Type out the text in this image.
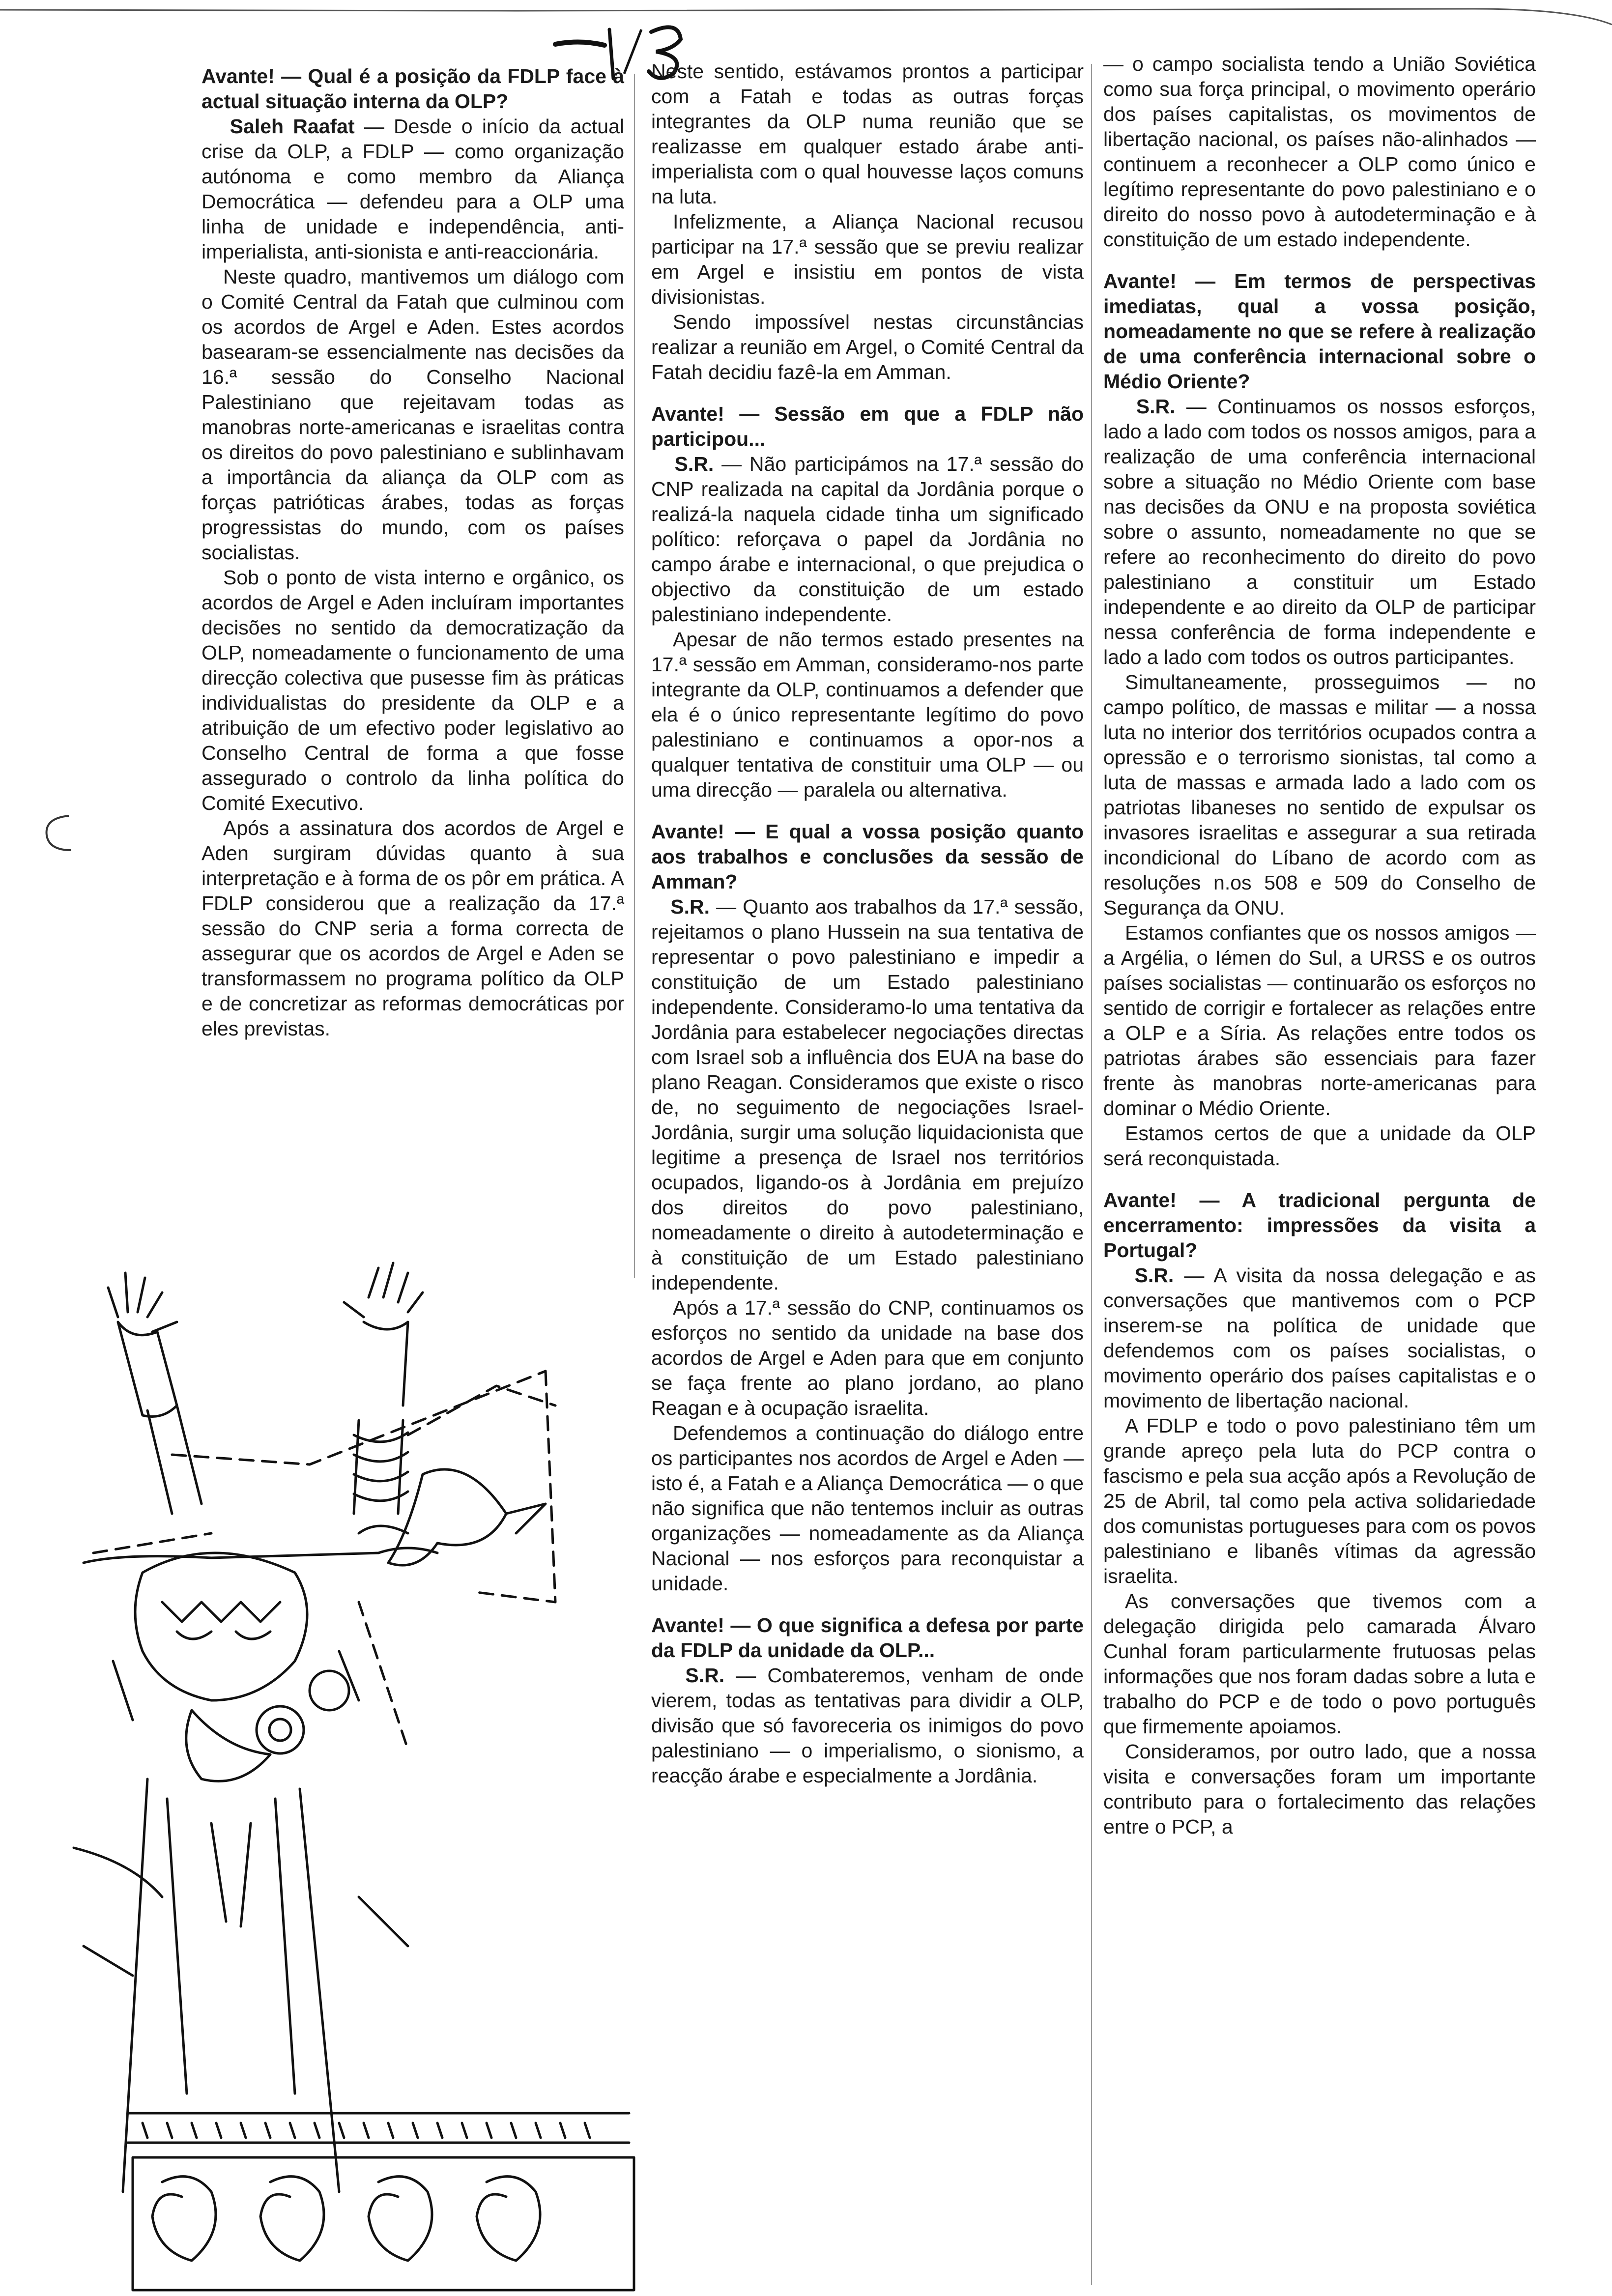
Avante! — Qual é a posição da FDLP face à actual situação interna da OLP?

Saleh Raafat — Desde o início da actual crise da OLP, a FDLP — como organização autónoma e como membro da Aliança Democrática — defendeu para a OLP uma linha de unidade e independência, anti-imperialista, anti-sionista e anti-reaccionária.

Neste quadro, mantivemos um diálogo com o Comité Central da Fatah que culminou com os acordos de Argel e Aden. Estes acordos basearam-se essencialmente nas decisões da 16.ª sessão do Conselho Nacional Palestiniano que rejeitavam todas as manobras norte-americanas e israelitas contra os direitos do povo palestiniano e sublinhavam a importância da aliança da OLP com as forças patrióticas árabes, todas as forças progressistas do mundo, com os países socialistas.

Sob o ponto de vista interno e orgânico, os acordos de Argel e Aden incluíram importantes decisões no sentido da democratização da OLP, nomeadamente o funcionamento de uma direcção colectiva que pusesse fim às práticas individualistas do presidente da OLP e a atribuição de um efectivo poder legislativo ao Conselho Central de forma a que fosse assegurado o controlo da linha política do Comité Executivo.

Após a assinatura dos acordos de Argel e Aden surgiram dúvidas quanto à sua interpretação e à forma de os pôr em prática. A FDLP considerou que a realização da 17.ª sessão do CNP seria a forma correcta de assegurar que os acordos de Argel e Aden se transformassem no programa político da OLP e de concretizar as reformas democráticas por eles previstas.

Neste sentido, estávamos prontos a participar com a Fatah e todas as outras forças integrantes da OLP numa reunião que se realizasse em qualquer estado árabe anti-imperialista com o qual houvesse laços comuns na luta.

Infelizmente, a Aliança Nacional recusou participar na 17.ª sessão que se previu realizar em Argel e insistiu em pontos de vista divisionistas.

Sendo impossível nestas circunstâncias realizar a reunião em Argel, o Comité Central da Fatah decidiu fazê-la em Amman.

Avante! — Sessão em que a FDLP não participou...

S.R. — Não participámos na 17.ª sessão do CNP realizada na capital da Jordânia porque o realizá-la naquela cidade tinha um significado político: reforçava o papel da Jordânia no campo árabe e internacional, o que prejudica o objectivo da constituição de um estado palestiniano independente.

Apesar de não termos estado presentes na 17.ª sessão em Amman, consideramo-nos parte integrante da OLP, continuamos a defender que ela é o único representante legítimo do povo palestiniano e continuamos a opor-nos a qualquer tentativa de constituir uma OLP — ou uma direcção — paralela ou alternativa.

Avante! — E qual a vossa posição quanto aos trabalhos e conclusões da sessão de Amman?

S.R. — Quanto aos trabalhos da 17.ª sessão, rejeitamos o plano Hussein na sua tentativa de representar o povo palestiniano e impedir a constituição de um Estado palestiniano independente. Consideramo-lo uma tentativa da Jordânia para estabelecer negociações directas com Israel sob a influência dos EUA na base do plano Reagan. Consideramos que existe o risco de, no seguimento de negociações Israel-Jordânia, surgir uma solução liquidacionista que legitime a presença de Israel nos territórios ocupados, ligando-os à Jordânia em prejuízo dos direitos do povo palestiniano, nomeadamente o direito à autodeterminação e à constituição de um Estado palestiniano independente.

Após a 17.ª sessão do CNP, continuamos os esforços no sentido da unidade na base dos acordos de Argel e Aden para que em conjunto se faça frente ao plano jordano, ao plano Reagan e à ocupação israelita.

Defendemos a continuação do diálogo entre os participantes nos acordos de Argel e Aden — isto é, a Fatah e a Aliança Democrática — o que não significa que não tentemos incluir as outras organizações — nomeadamente as da Aliança Nacional — nos esforços para reconquistar a unidade.

Avante! — O que significa a defesa por parte da FDLP da unidade da OLP...

S.R. — Combateremos, venham de onde vierem, todas as tentativas para dividir a OLP, divisão que só favoreceria os inimigos do povo palestiniano — o imperialismo, o sionismo, a reacção árabe e especialmente a Jordânia.

— o campo socialista tendo a União Soviética como sua força principal, o movimento operário dos países capitalistas, os movimentos de libertação nacional, os países não-alinhados — continuem a reconhecer a OLP como único e legítimo representante do povo palestiniano e o direito do nosso povo à autodeterminação e à constituição de um estado independente.

Avante! — Em termos de perspectivas imediatas, qual a vossa posição, nomeadamente no que se refere à realização de uma conferência internacional sobre o Médio Oriente?

S.R. — Continuamos os nossos esforços, lado a lado com todos os nossos amigos, para a realização de uma conferência internacional sobre a situação no Médio Oriente com base nas decisões da ONU e na proposta soviética sobre o assunto, nomeadamente no que se refere ao reconhecimento do direito do povo palestiniano a constituir um Estado independente e ao direito da OLP de participar nessa conferência de forma independente e lado a lado com todos os outros participantes.

Simultaneamente, prosseguimos — no campo político, de massas e militar — a nossa luta no interior dos territórios ocupados contra a opressão e o terrorismo sionistas, tal como a luta de massas e armada lado a lado com os patriotas libaneses no sentido de expulsar os invasores israelitas e assegurar a sua retirada incondicional do Líbano de acordo com as resoluções n.os 508 e 509 do Conselho de Segurança da ONU.

Estamos confiantes que os nossos amigos — a Argélia, o Iémen do Sul, a URSS e os outros países socialistas — continuarão os esforços no sentido de corrigir e fortalecer as relações entre a OLP e a Síria. As relações entre todos os patriotas árabes são essenciais para fazer frente às manobras norte-americanas para dominar o Médio Oriente.

Estamos certos de que a unidade da OLP será reconquistada.

Avante! — A tradicional pergunta de encerramento: impressões da visita a Portugal?

S.R. — A visita da nossa delegação e as conversações que mantivemos com o PCP inserem-se na política de unidade que defendemos com os países socialistas, o movimento operário dos países capitalistas e o movimento de libertação nacional.

A FDLP e todo o povo palestiniano têm um grande apreço pela luta do PCP contra o fascismo e pela sua acção após a Revolução de 25 de Abril, tal como pela activa solidariedade dos comunistas portugueses para com os povos palestiniano e libanês vítimas da agressão israelita.

As conversações que tivemos com a delegação dirigida pelo camarada Álvaro Cunhal foram particularmente frutuosas pelas informações que nos foram dadas sobre a luta e trabalho do PCP e de todo o povo português que firmemente apoiamos.

Consideramos, por outro lado, que a nossa visita e conversações foram um importante contributo para o fortalecimento das relações entre o PCP, a
